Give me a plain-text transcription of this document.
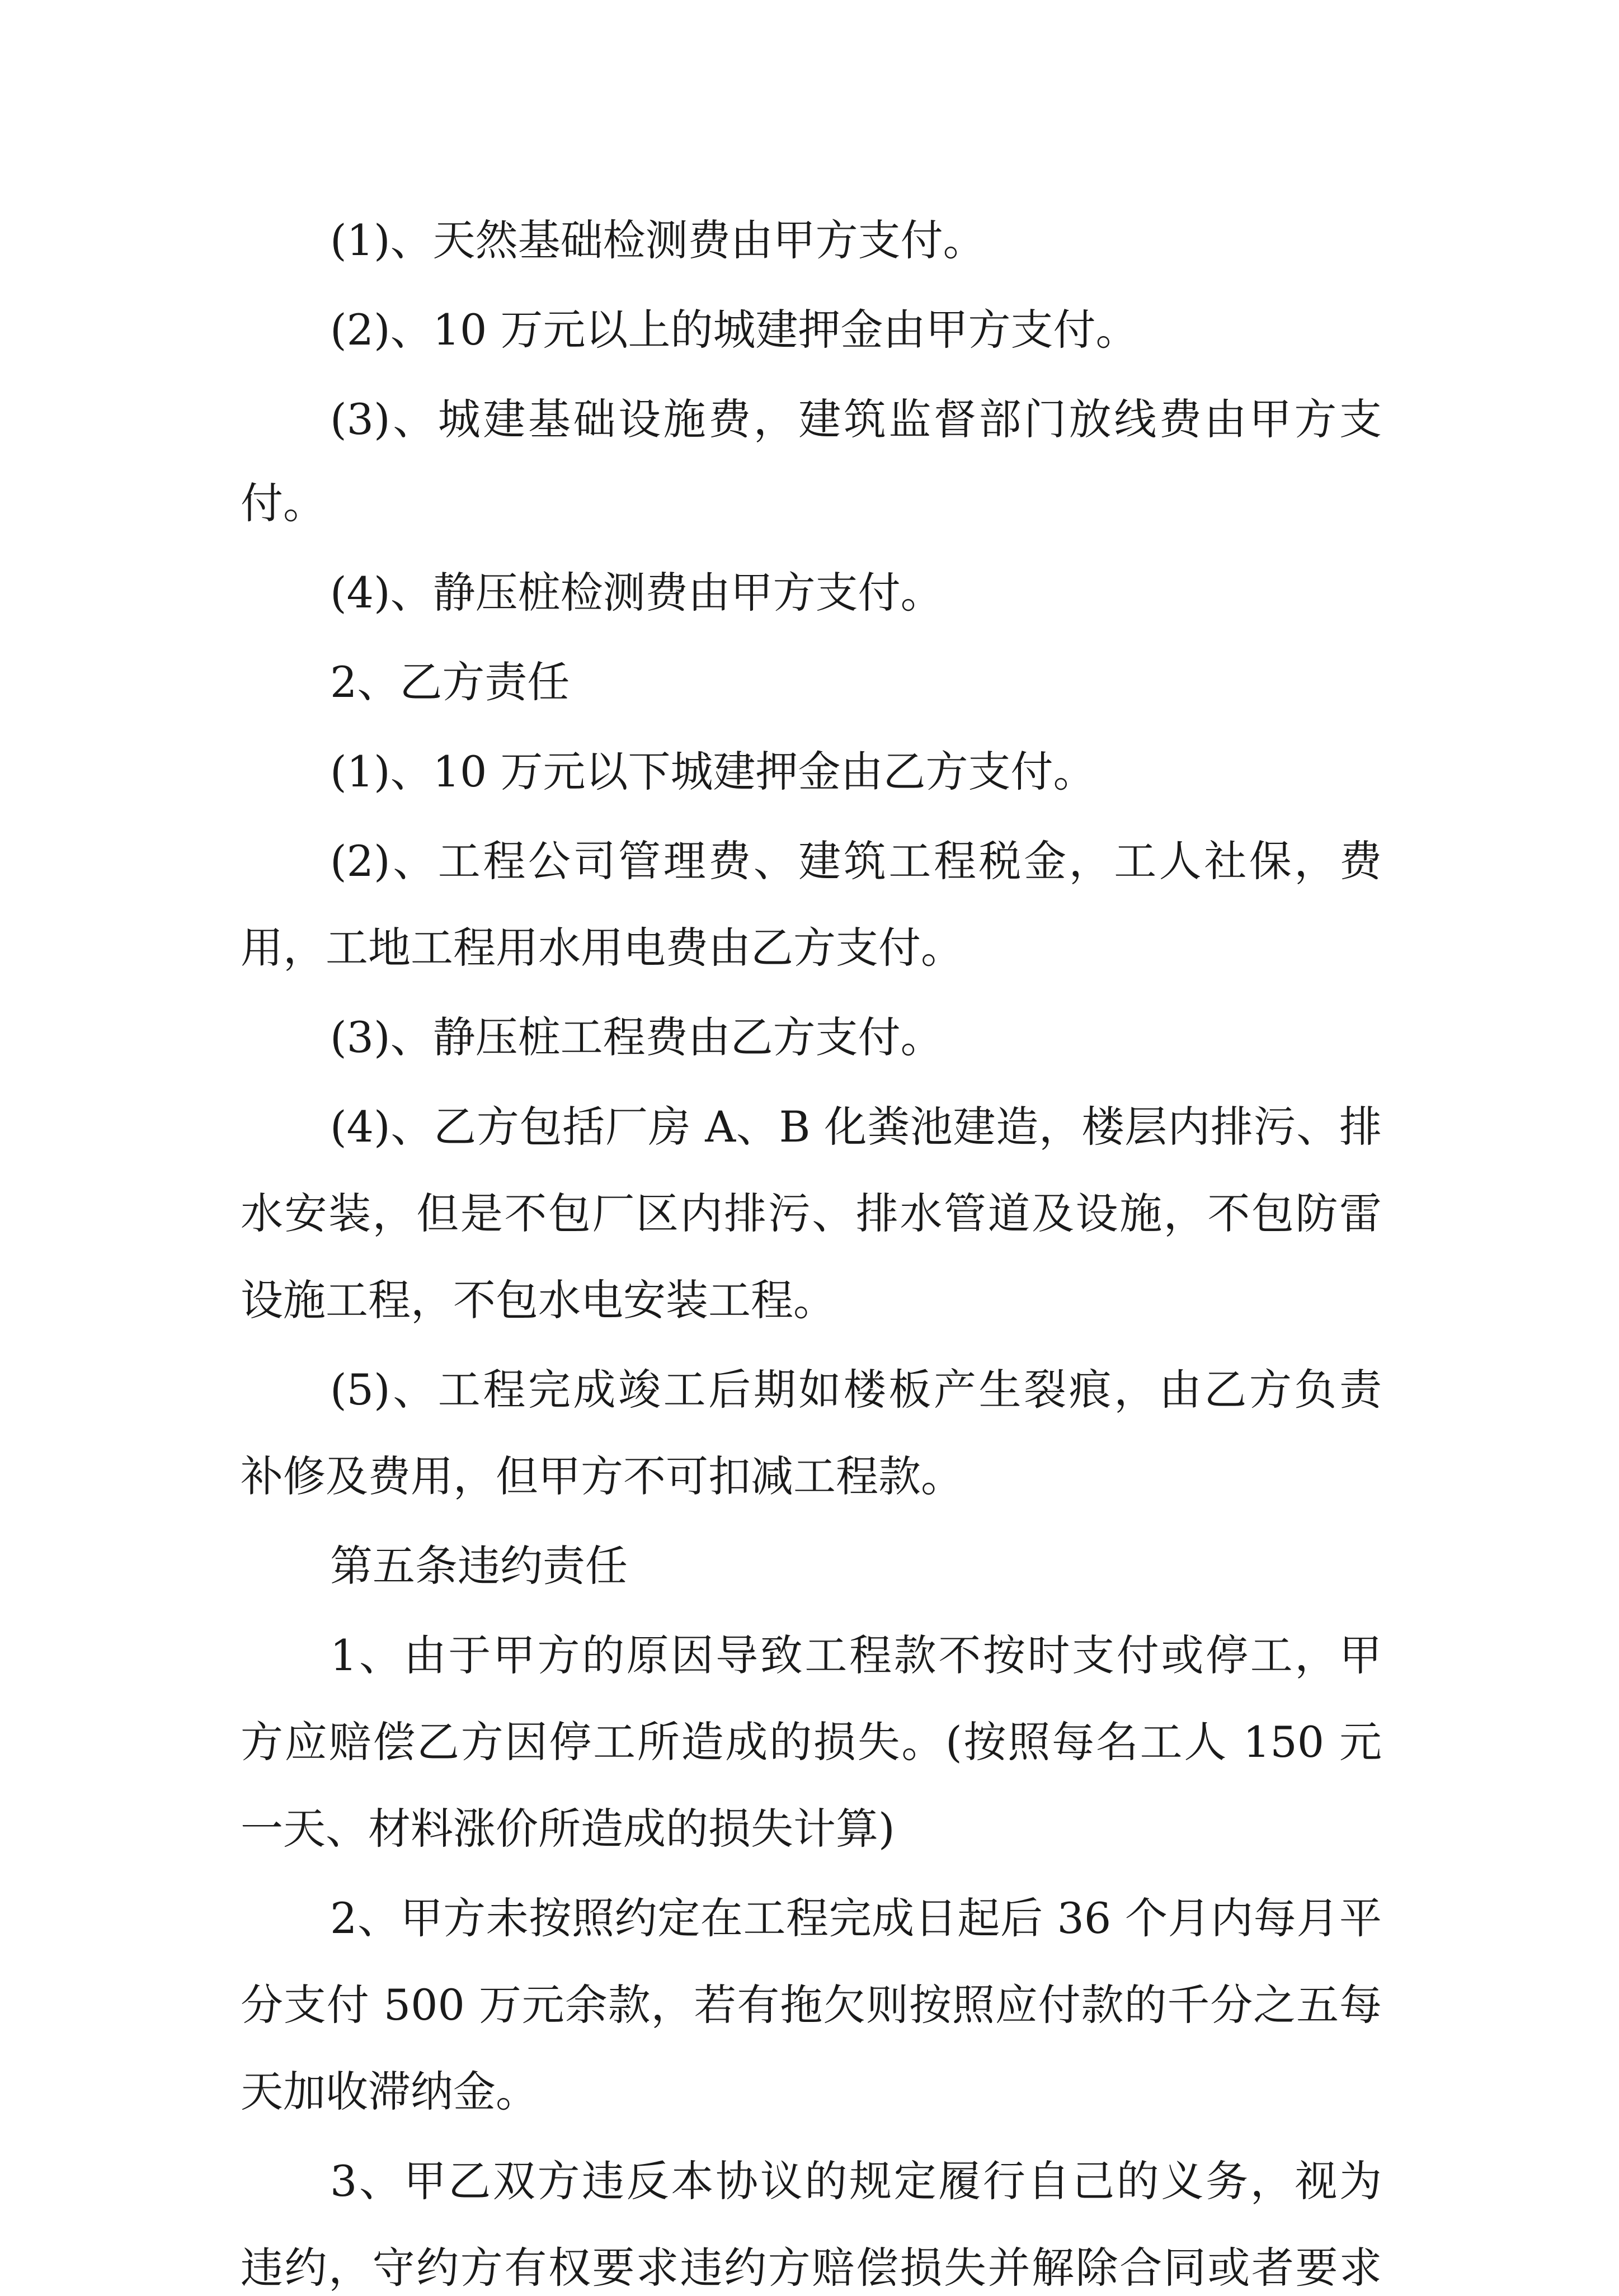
(1)、天然基础检测费由甲方支付。
(2)、10 万元以上的城建押金由甲方支付。
(3)、城建基础设施费，建筑监督部门放线费由甲方支
付。
(4)、静压桩检测费由甲方支付。
2、乙方责任
(1)、10 万元以下城建押金由乙方支付。
(2)、工程公司管理费、建筑工程税金，工人社保，费
用，工地工程用水用电费由乙方支付。
(3)、静压桩工程费由乙方支付。
(4)、乙方包括厂房 A、B 化粪池建造，楼层内排污、排
水安装，但是不包厂区内排污、排水管道及设施，不包防雷
设施工程，不包水电安装工程。
(5)、工程完成竣工后期如楼板产生裂痕，由乙方负责
补修及费用，但甲方不可扣减工程款。
第五条违约责任
1、由于甲方的原因导致工程款不按时支付或停工，甲
方应赔偿乙方因停工所造成的损失。(按照每名工人 150 元
一天、材料涨价所造成的损失计算)
2、甲方未按照约定在工程完成日起后 36 个月内每月平
分支付 500 万元余款，若有拖欠则按照应付款的千分之五每
天加收滞纳金。
3、甲乙双方违反本协议的规定履行自己的义务，视为
违约，守约方有权要求违约方赔偿损失并解除合同或者要求
